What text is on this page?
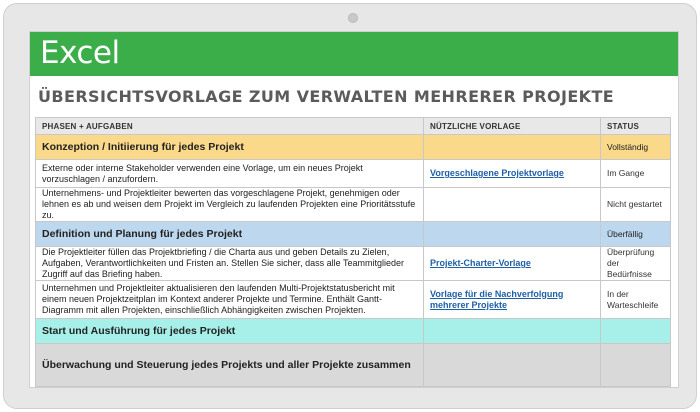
Excel
ÜBERSICHTSVORLAGE ZUM VERWALTEN MEHRERER PROJEKTE
PHASEN + AUFGABEN	NÜTZLICHE VORLAGE	STATUS
Konzeption / Initiierung für jedes Projekt		Vollständig
Externe oder interne Stakeholder verwenden eine Vorlage, um ein neues Projekt vorzuschlagen / anzufordern.	Vorgeschlagene Projektvorlage	Im Gange
Unternehmens- und Projektleiter bewerten das vorgeschlagene Projekt, genehmigen oder lehnen es ab und weisen dem Projekt im Vergleich zu laufenden Projekten eine Prioritätsstufe zu.		Nicht gestartet
Definition und Planung für jedes Projekt		Überfällig
Die Projektleiter füllen das Projektbriefing / die Charta aus und geben Details zu Zielen, Aufgaben, Verantwortlichkeiten und Fristen an. Stellen Sie sicher, dass alle Teammitglieder Zugriff auf das Briefing haben.	Projekt-Charter-Vorlage	Überprüfung der Bedürfnisse
Unternehmen und Projektleiter aktualisieren den laufenden Multi-Projektstatusbericht mit einem neuen Projektzeitplan im Kontext anderer Projekte und Termine. Enthält Gantt-Diagramm mit allen Projekten, einschließlich Abhängigkeiten zwischen Projekten.	Vorlage für die Nachverfolgung mehrerer Projekte	In der Warteschleife
Start und Ausführung für jedes Projekt		
Überwachung und Steuerung jedes Projekts und aller Projekte zusammen		
